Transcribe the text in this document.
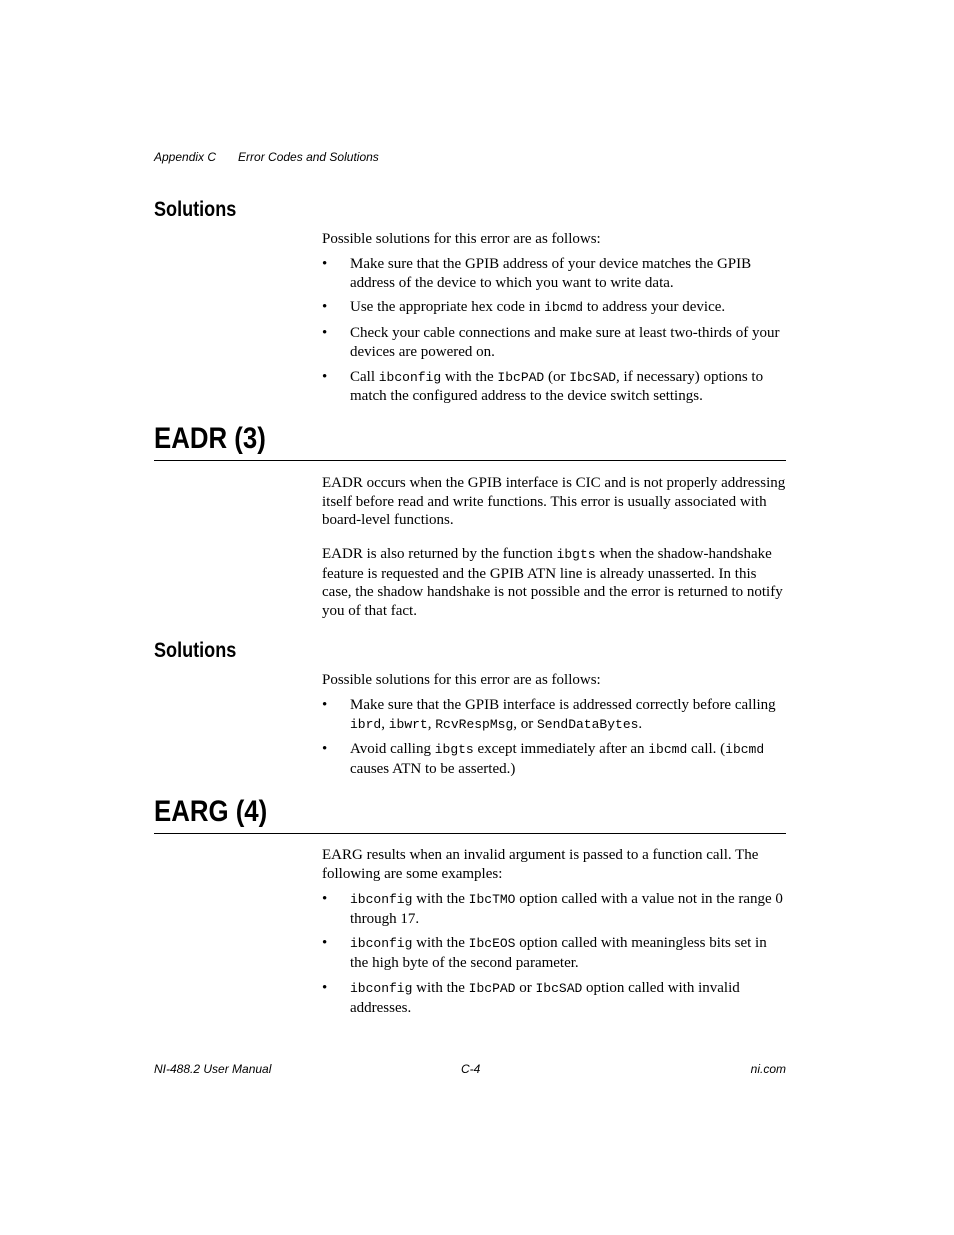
Appendix C Error Codes and Solutions
Solutions

Possible solutions for this error are as follows:

• Make sure that the GPIB address of your device matches the GPIB address of the device to which you want to write data.
• Use the appropriate hex code in ibcmd to address your device.
• Check your cable connections and make sure at least two-thirds of your devices are powered on.
• Call ibconfig with the IbcPAD (or IbcSAD, if necessary) options to match the configured address to the device switch settings.
EADR (3)

EADR occurs when the GPIB interface is CIC and is not properly addressing itself before read and write functions. This error is usually associated with board-level functions.

EADR is also returned by the function ibgts when the shadow-handshake feature is requested and the GPIB ATN line is already unasserted. In this case, the shadow handshake is not possible and the error is returned to notify you of that fact.

Solutions

Possible solutions for this error are as follows:

• Make sure that the GPIB interface is addressed correctly before calling ibrd, ibwrt, RcvRespMsg, or SendDataBytes.
• Avoid calling ibgts except immediately after an ibcmd call. (ibcmd causes ATN to be asserted.)
EARG (4)

EARG results when an invalid argument is passed to a function call. The following are some examples:

• ibconfig with the IbcTMO option called with a value not in the range 0 through 17.
• ibconfig with the IbcEOS option called with meaningless bits set in the high byte of the second parameter.
• ibconfig with the IbcPAD or IbcSAD option called with invalid addresses.
NI-488.2 User Manual	C-4	ni.com
